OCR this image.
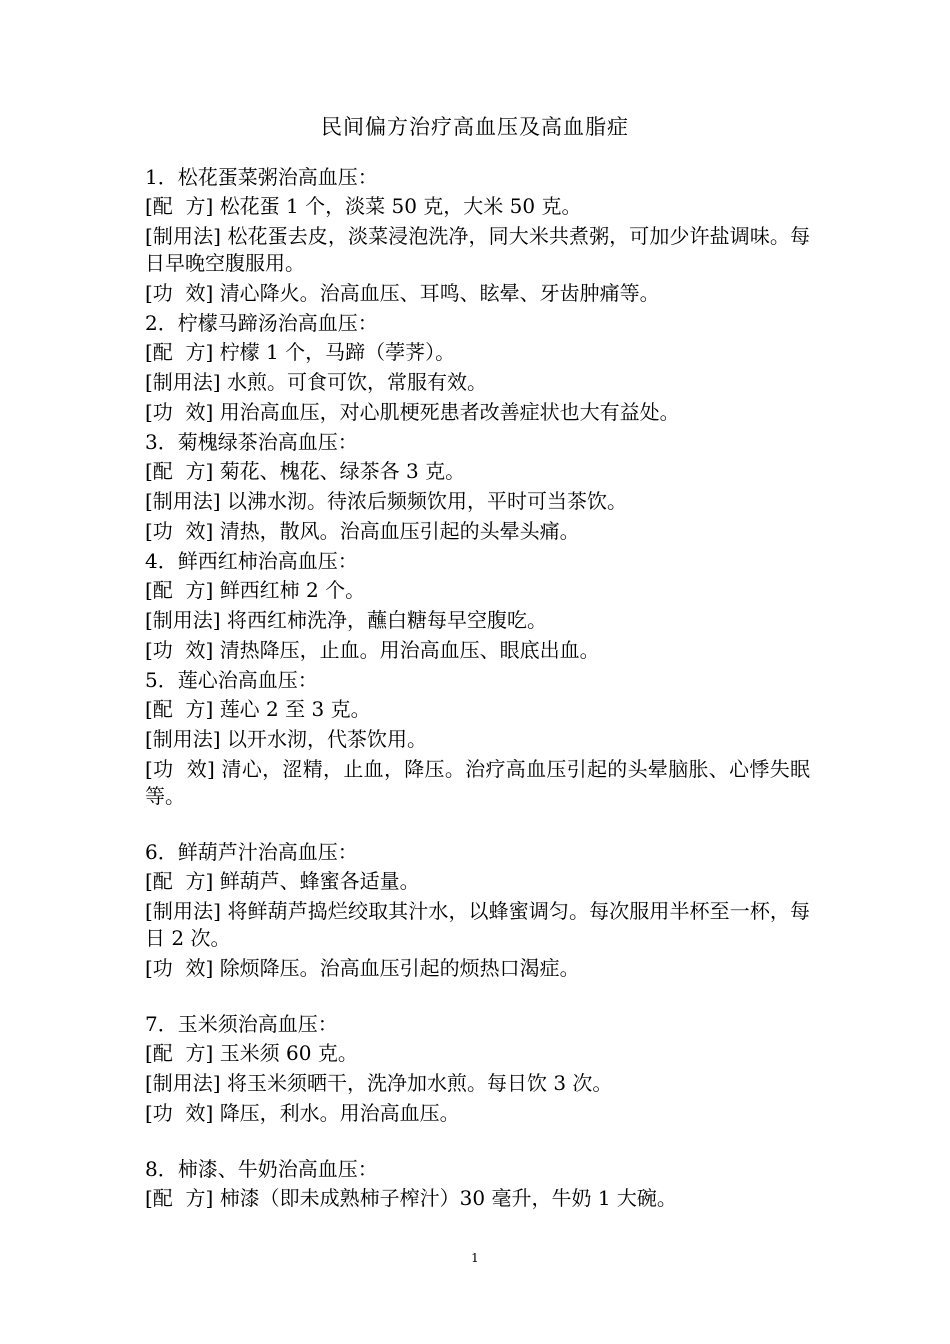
民间偏方治疗高血压及高血脂症

1．松花蛋菜粥治高血压：

[配  方] 松花蛋 1 个，淡菜 50 克，大米 50 克。

[制用法] 松花蛋去皮，淡菜浸泡洗净，同大米共煮粥，可加少许盐调味。每日早晚空腹服用。

[功  效] 清心降火。治高血压、耳鸣、眩晕、牙齿肿痛等。

2．柠檬马蹄汤治高血压：

[配  方] 柠檬 1 个，马蹄（荸荠）。

[制用法] 水煎。可食可饮，常服有效。

[功  效] 用治高血压，对心肌梗死患者改善症状也大有益处。

3．菊槐绿茶治高血压：

[配  方] 菊花、槐花、绿茶各 3 克。

[制用法] 以沸水沏。待浓后频频饮用，平时可当茶饮。

[功  效] 清热，散风。治高血压引起的头晕头痛。

4．鲜西红柿治高血压：

[配  方] 鲜西红柿 2 个。

[制用法] 将西红柿洗净，蘸白糖每早空腹吃。

[功  效] 清热降压，止血。用治高血压、眼底出血。

5．莲心治高血压：

[配  方] 莲心 2 至 3 克。

[制用法] 以开水沏，代茶饮用。

[功  效] 清心，涩精，止血，降压。治疗高血压引起的头晕脑胀、心悸失眠等。

6．鲜葫芦汁治高血压：

[配  方] 鲜葫芦、蜂蜜各适量。

[制用法] 将鲜葫芦捣烂绞取其汁水，以蜂蜜调匀。每次服用半杯至一杯，每日 2 次。

[功  效] 除烦降压。治高血压引起的烦热口渴症。

7．玉米须治高血压：

[配  方] 玉米须 60 克。

[制用法] 将玉米须晒干，洗净加水煎。每日饮 3 次。

[功  效] 降压，利水。用治高血压。

8．柿漆、牛奶治高血压：

[配  方] 柿漆（即未成熟柿子榨汁）30 毫升，牛奶 1 大碗。

1
